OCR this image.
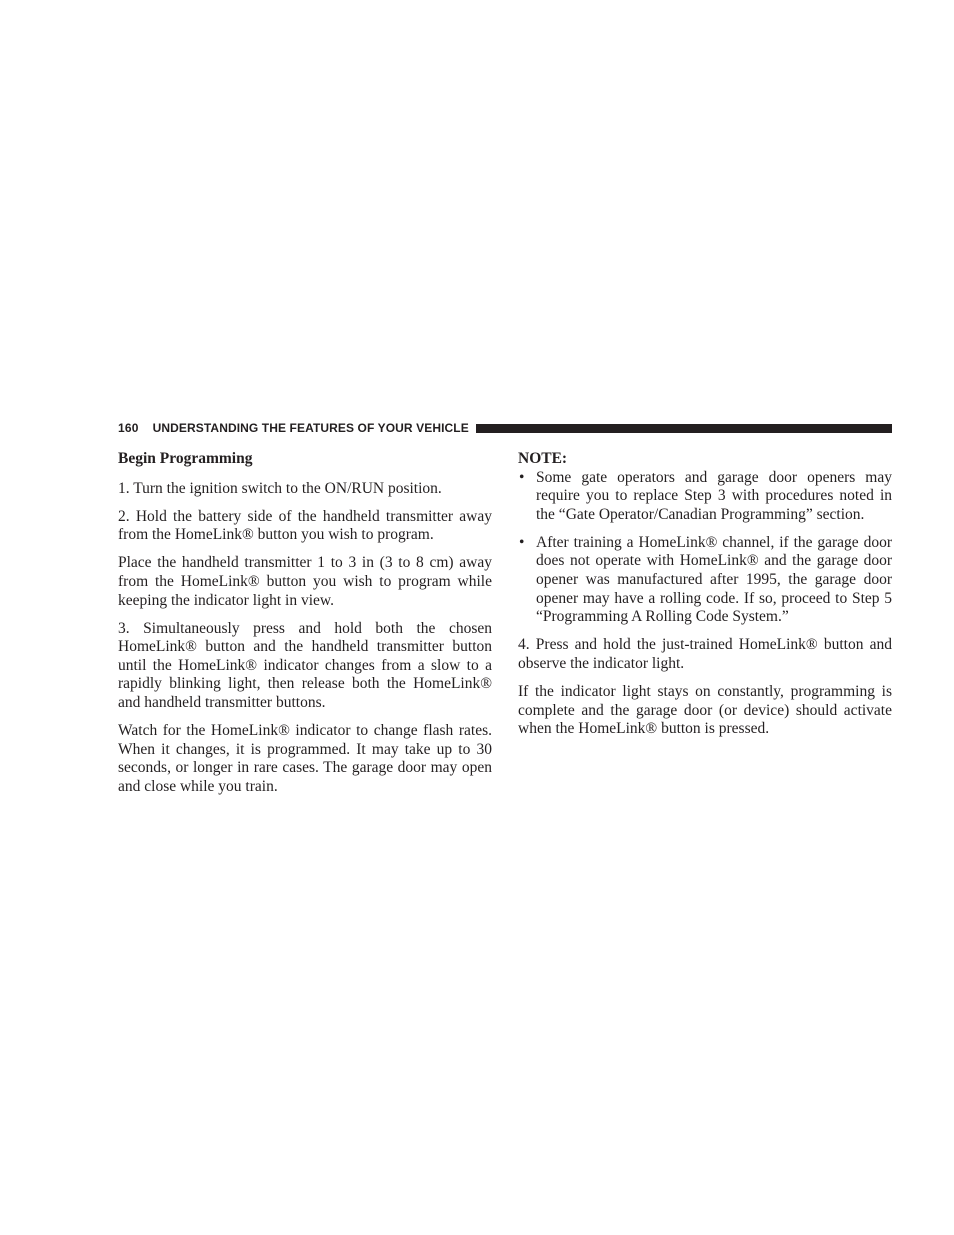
160 UNDERSTANDING THE FEATURES OF YOUR VEHICLE

Begin Programming

1. Turn the ignition switch to the ON/RUN position.

2. Hold the battery side of the handheld transmitter away from the HomeLink® button you wish to program.

Place the handheld transmitter 1 to 3 in (3 to 8 cm) away from the HomeLink® button you wish to program while keeping the indicator light in view.

3. Simultaneously press and hold both the chosen HomeLink® button and the handheld transmitter button until the HomeLink® indicator changes from a slow to a rapidly blinking light, then release both the HomeLink® and handheld transmitter buttons.

Watch for the HomeLink® indicator to change flash rates. When it changes, it is programmed. It may take up to 30 seconds, or longer in rare cases. The garage door may open and close while you train.

NOTE:

• Some gate operators and garage door openers may require you to replace Step 3 with procedures noted in the “Gate Operator/Canadian Programming” section.
• After training a HomeLink® channel, if the garage door does not operate with HomeLink® and the garage door opener was manufactured after 1995, the garage door opener may have a rolling code. If so, proceed to Step 5 “Programming A Rolling Code System.”

4. Press and hold the just-trained HomeLink® button and observe the indicator light.

If the indicator light stays on constantly, programming is complete and the garage door (or device) should activate when the HomeLink® button is pressed.
